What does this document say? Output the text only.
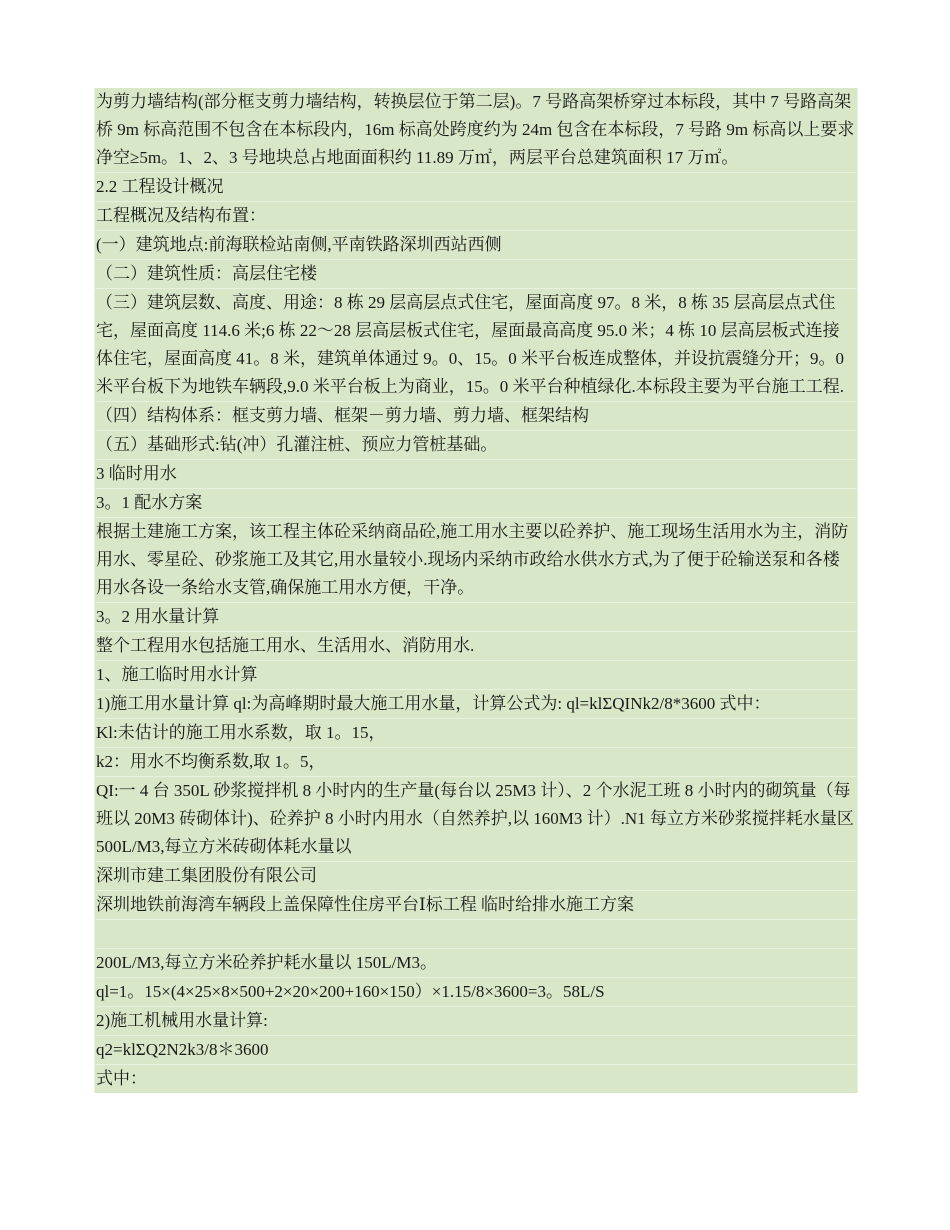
为剪力墙结构(部分框支剪力墙结构，转换层位于第二层)。7 号路高架桥穿过本标段，其中 7 号路高架桥 9m 标高范围不包含在本标段内，16m 标高处跨度约为 24m 包含在本标段，7 号路 9m 标高以上要求净空≥5m。1、2、3 号地块总占地面面积约 11.89 万㎡，两层平台总建筑面积 17 万㎡。
2.2 工程设计概况
工程概况及结构布置：
(一）建筑地点:前海联检站南侧,平南铁路深圳西站西侧
（二）建筑性质：高层住宅楼
（三）建筑层数、高度、用途：8 栋 29 层高层点式住宅，屋面高度 97。8 米，8 栋 35 层高层点式住宅，屋面高度 114.6 米;6 栋 22～28 层高层板式住宅，屋面最高高度 95.0 米；4 栋 10 层高层板式连接体住宅，屋面高度 41。8 米，建筑单体通过 9。0、15。0 米平台板连成整体，并设抗震缝分开；9。0 米平台板下为地铁车辆段,9.0 米平台板上为商业，15。0 米平台种植绿化.本标段主要为平台施工工程.
（四）结构体系：框支剪力墙、框架－剪力墙、剪力墙、框架结构
（五）基础形式:钻(冲）孔灌注桩、预应力管桩基础。
3 临时用水
3。1 配水方案
根据土建施工方案，该工程主体砼采纳商品砼,施工用水主要以砼养护、施工现场生活用水为主，消防用水、零星砼、砂浆施工及其它,用水量较小.现场内采纳市政给水供水方式,为了便于砼输送泵和各楼用水各设一条给水支管,确保施工用水方便，干净。
3。2 用水量计算
整个工程用水包括施工用水、生活用水、消防用水.
1、施工临时用水计算
1)施工用水量计算 ql:为高峰期时最大施工用水量，计算公式为: ql=klΣQINk2/8*3600 式中：
Kl:未估计的施工用水系数，取 1。15，
k2：用水不均衡系数,取 1。5，
QI:一 4 台 350L 砂浆搅拌机 8 小时内的生产量(每台以 25M3 计）、2 个水泥工班 8 小时内的砌筑量（每班以 20M3 砖砌体计)、砼养护 8 小时内用水（自然养护,以 160M3 计）.N1 每立方米砂浆搅拌耗水量区 500L/M3,每立方米砖砌体耗水量以
深圳市建工集团股份有限公司
深圳地铁前海湾车辆段上盖保障性住房平台Ⅰ标工程 临时给排水施工方案
200L/M3,每立方米砼养护耗水量以 150L/M3。
ql=1。15×(4×25×8×500+2×20×200+160×150）×1.15/8×3600=3。58L/S
2)施工机械用水量计算:
q2=klΣQ2N2k3/8＊3600
式中：
